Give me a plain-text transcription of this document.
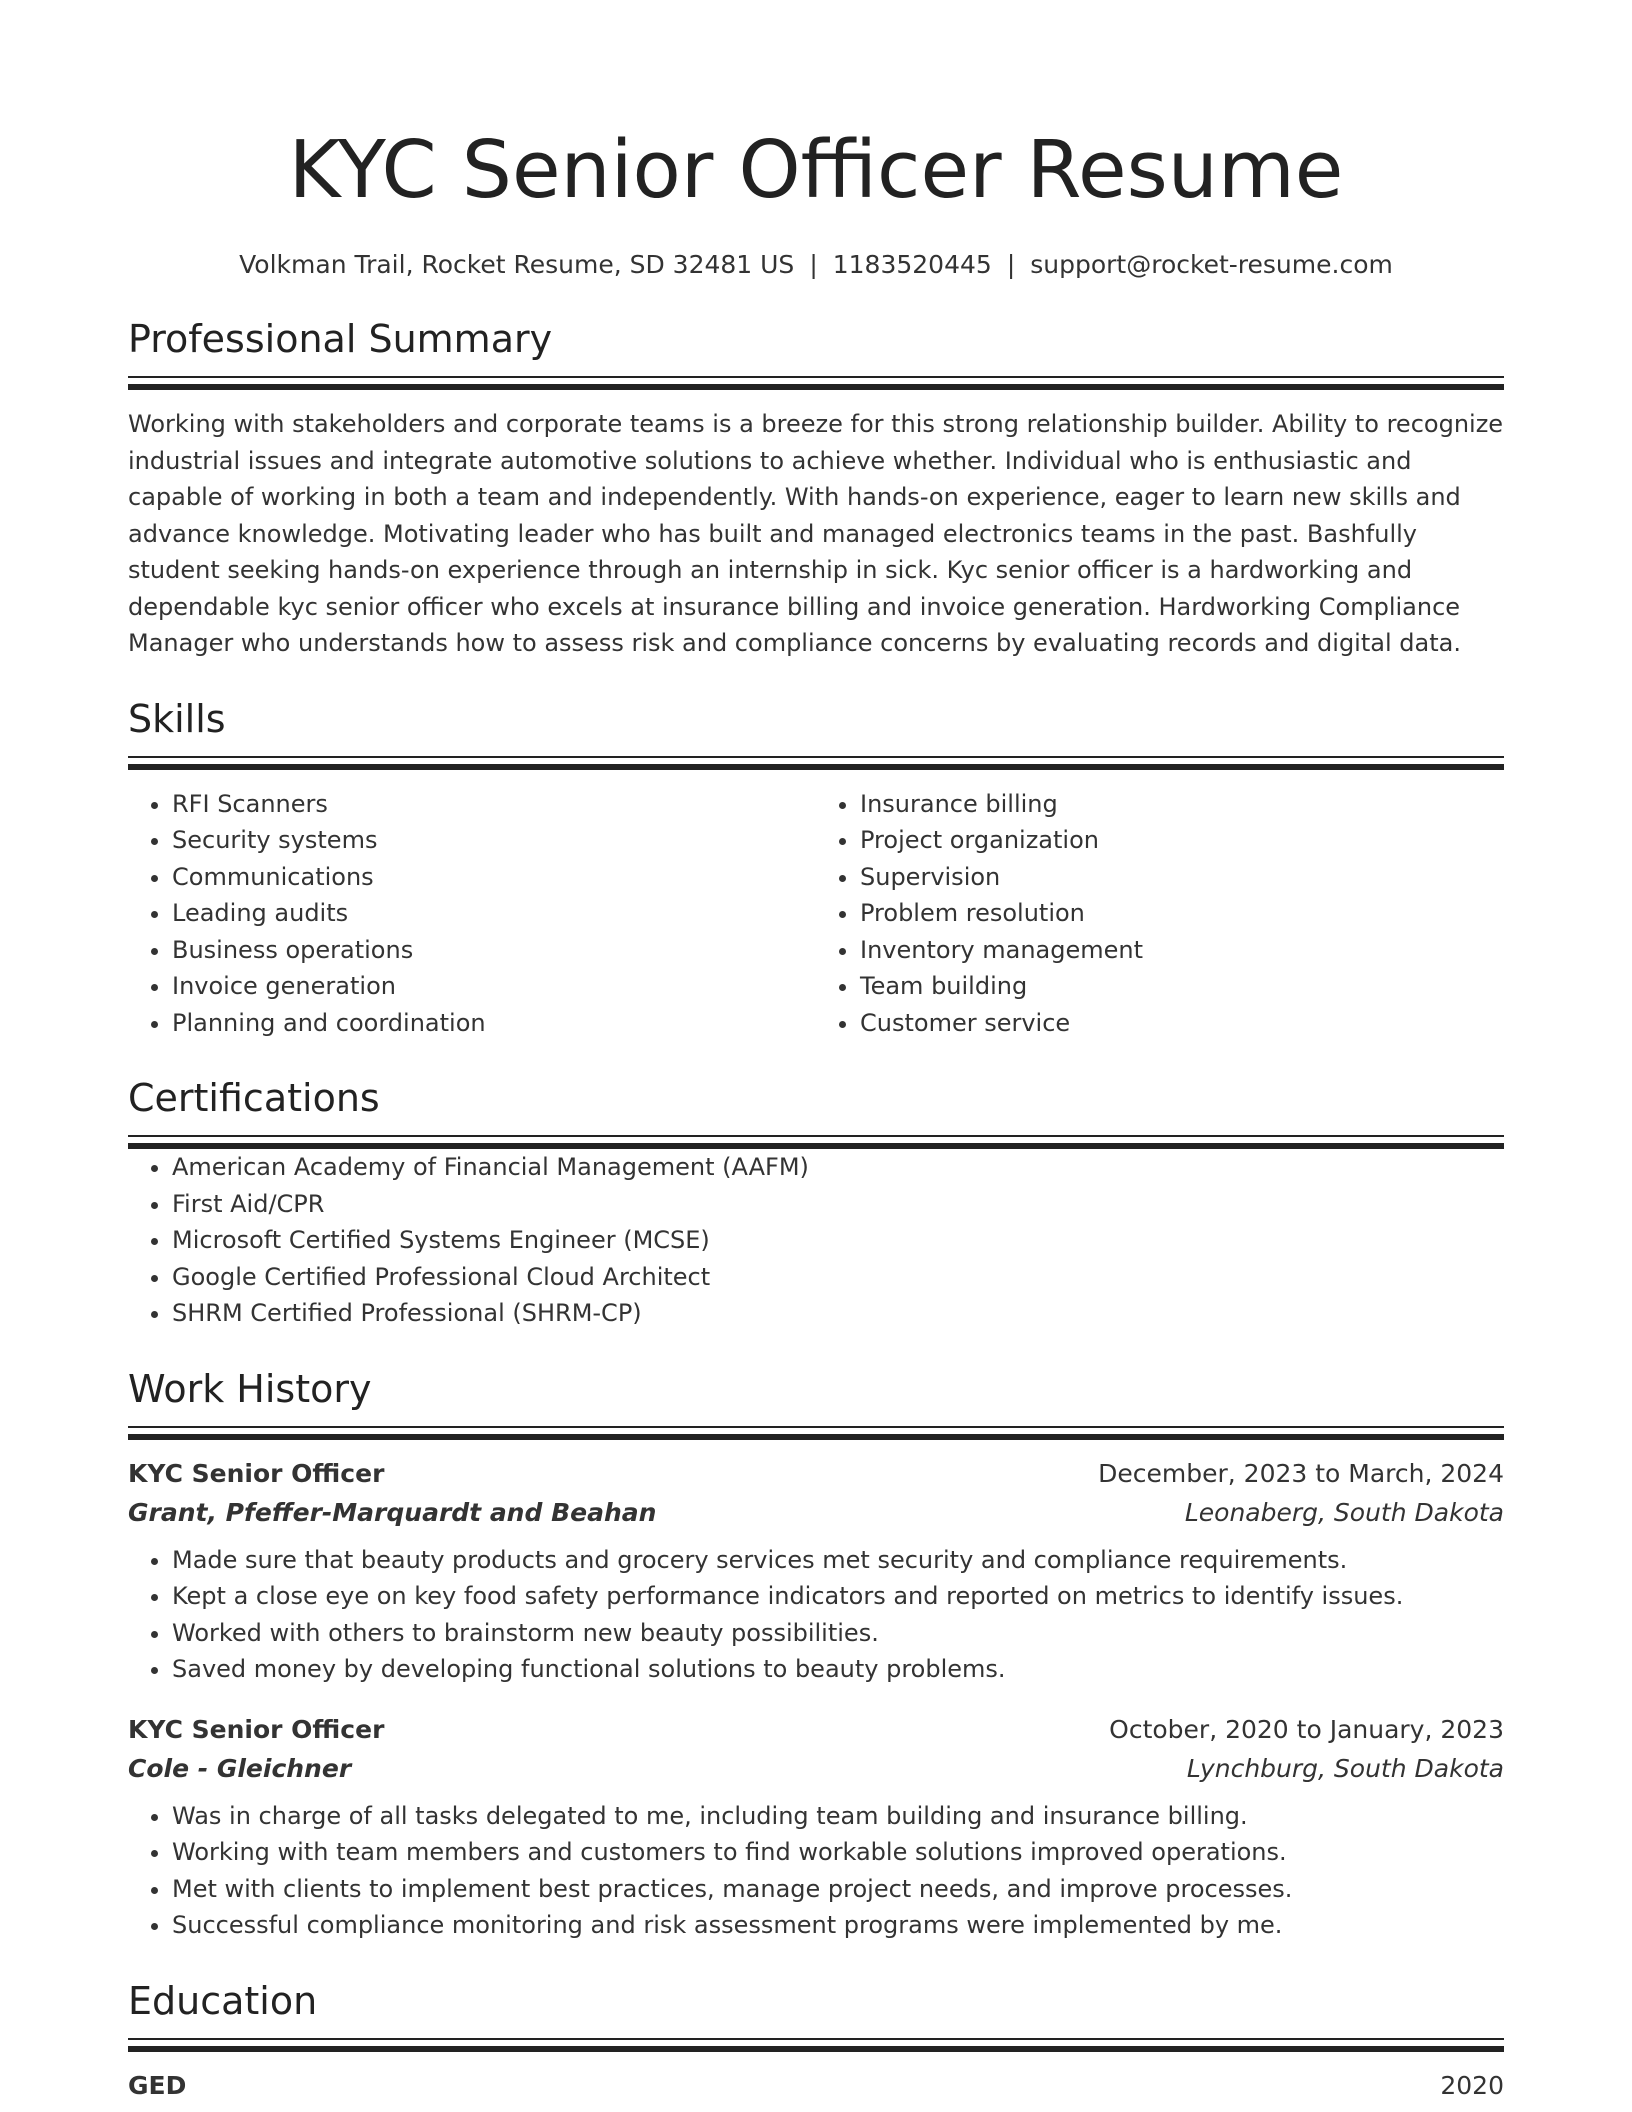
KYC Senior Officer Resume
Volkman Trail, Rocket Resume, SD 32481 US | 1183520445 | support@rocket-resume.com
Professional Summary
Working with stakeholders and corporate teams is a breeze for this strong relationship builder. Ability to recognize industrial issues and integrate automotive solutions to achieve whether. Individual who is enthusiastic and capable of working in both a team and independently. With hands-on experience, eager to learn new skills and advance knowledge. Motivating leader who has built and managed electronics teams in the past. Bashfully student seeking hands-on experience through an internship in sick. Kyc senior officer is a hardworking and dependable kyc senior officer who excels at insurance billing and invoice generation. Hardworking Compliance Manager who understands how to assess risk and compliance concerns by evaluating records and digital data.
Skills
• RFI Scanners
• Security systems
• Communications
• Leading audits
• Business operations
• Invoice generation
• Planning and coordination
• Insurance billing
• Project organization
• Supervision
• Problem resolution
• Inventory management
• Team building
• Customer service
Certifications
• American Academy of Financial Management (AAFM)
• First Aid/CPR
• Microsoft Certified Systems Engineer (MCSE)
• Google Certified Professional Cloud Architect
• SHRM Certified Professional (SHRM-CP)
Work History
KYC Senior Officer	December, 2023 to March, 2024
Grant, Pfeffer-Marquardt and Beahan	Leonaberg, South Dakota
• Made sure that beauty products and grocery services met security and compliance requirements.
• Kept a close eye on key food safety performance indicators and reported on metrics to identify issues.
• Worked with others to brainstorm new beauty possibilities.
• Saved money by developing functional solutions to beauty problems.
KYC Senior Officer	October, 2020 to January, 2023
Cole - Gleichner	Lynchburg, South Dakota
• Was in charge of all tasks delegated to me, including team building and insurance billing.
• Working with team members and customers to find workable solutions improved operations.
• Met with clients to implement best practices, manage project needs, and improve processes.
• Successful compliance monitoring and risk assessment programs were implemented by me.
Education
GED	2020
